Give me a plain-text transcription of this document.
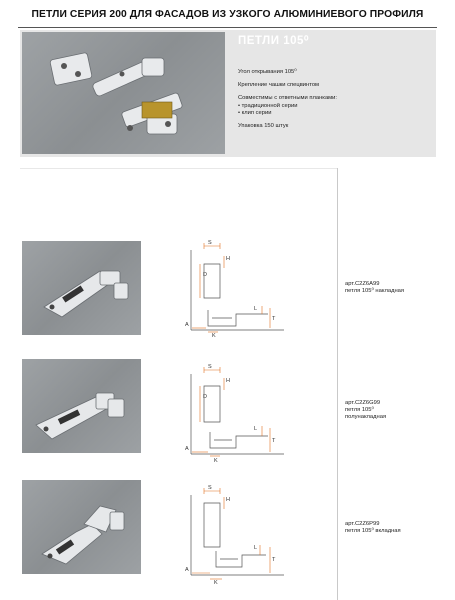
ПЕТЛИ СЕРИЯ 200 ДЛЯ ФАСАДОВ ИЗ УЗКОГО АЛЮМИНИЕВОГО ПРОФИЛЯ
ПЕТЛИ 105⁰
Угол открывания 105⁰
Крепление чашки спецвинтом
Совместимы с ответными планками:
• традиционной серии
• клип серии
Упаковка 150 штук
S
H
D
L
T
A
K
S
H
D
L
T
A
K
S
H
L
T
A
K
арт.C2Z6A99
петля 105⁰ накладная
арт.C2Z6G99
петля 105⁰
полунакладная
арт.C2Z6P99
петля 105⁰ вкладная
